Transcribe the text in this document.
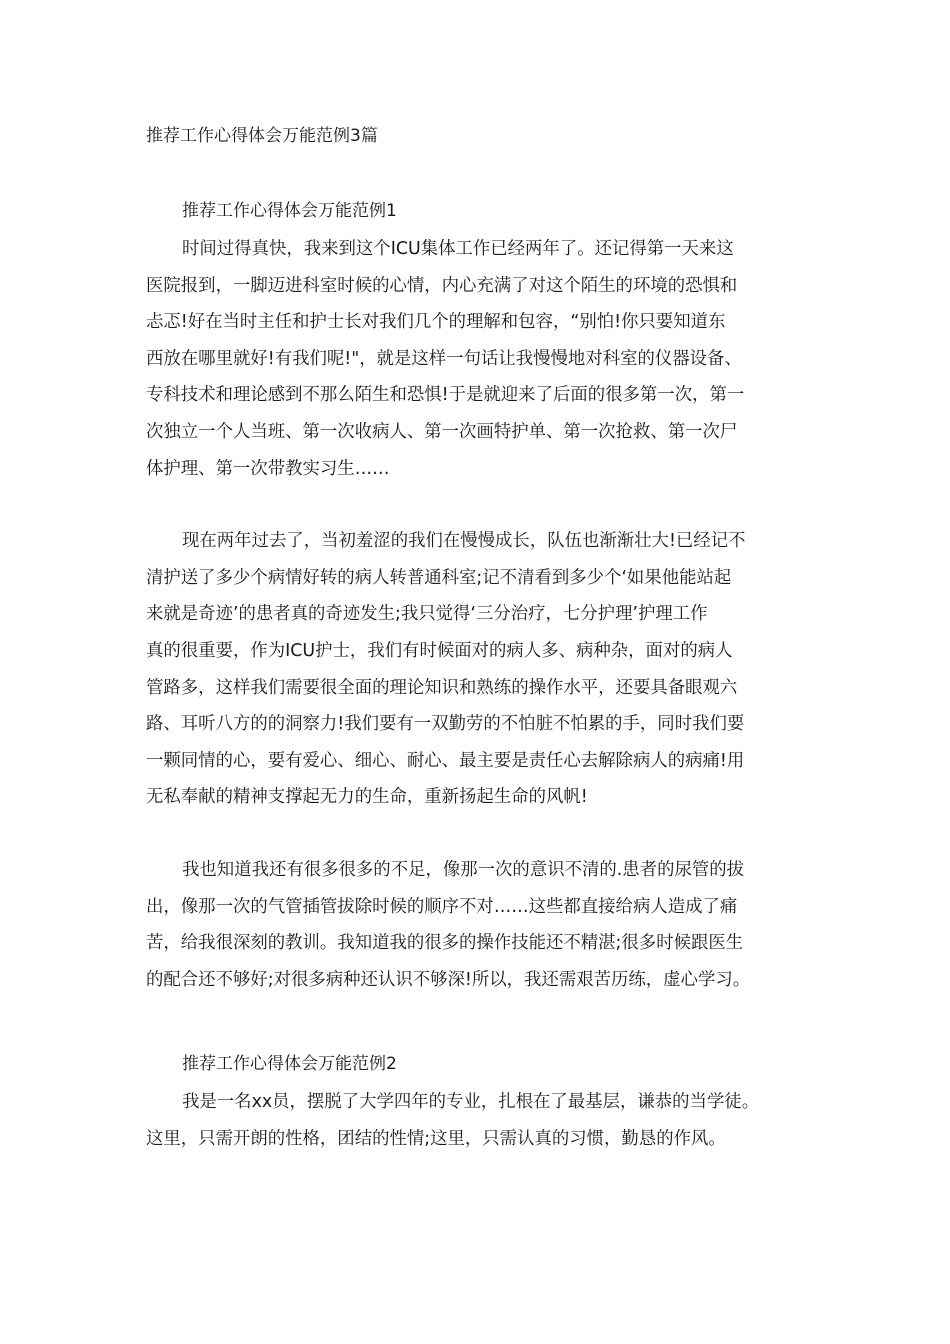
推荐工作心得体会万能范例3篇
推荐工作心得体会万能范例1

时间过得真快，我来到这个ICU集体工作已经两年了。还记得第一天来这
医院报到，一脚迈进科室时候的心情，内心充满了对这个陌生的环境的恐惧和
忐忑!好在当时主任和护士长对我们几个的理解和包容，“别怕!你只要知道东
西放在哪里就好!有我们呢!"，就是这样一句话让我慢慢地对科室的仪器设备、
专科技术和理论感到不那么陌生和恐惧!于是就迎来了后面的很多第一次，第一
次独立一个人当班、第一次收病人、第一次画特护单、第一次抢救、第一次尸
体护理、第一次带教实习生……

现在两年过去了，当初羞涩的我们在慢慢成长，队伍也渐渐壮大!已经记不
清护送了多少个病情好转的病人转普通科室;记不清看到多少个‘如果他能站起
来就是奇迹’的患者真的奇迹发生;我只觉得‘三分治疗，七分护理’护理工作
真的很重要，作为ICU护士，我们有时候面对的病人多、病种杂，面对的病人
管路多，这样我们需要很全面的理论知识和熟练的操作水平，还要具备眼观六
路、耳听八方的的洞察力!我们要有一双勤劳的不怕脏不怕累的手，同时我们要
一颗同情的心，要有爱心、细心、耐心、最主要是责任心去解除病人的病痛!用
无私奉献的精神支撑起无力的生命，重新扬起生命的风帆!

我也知道我还有很多很多的不足，像那一次的意识不清的.患者的尿管的拔
出，像那一次的气管插管拔除时候的顺序不对……这些都直接给病人造成了痛
苦，给我很深刻的教训。我知道我的很多的操作技能还不精湛;很多时候跟医生
的配合还不够好;对很多病种还认识不够深!所以，我还需艰苦历练，虚心学习。

推荐工作心得体会万能范例2

我是一名xx员，摆脱了大学四年的专业，扎根在了最基层，谦恭的当学徒。
这里，只需开朗的性格，团结的性情;这里，只需认真的习惯，勤恳的作风。
